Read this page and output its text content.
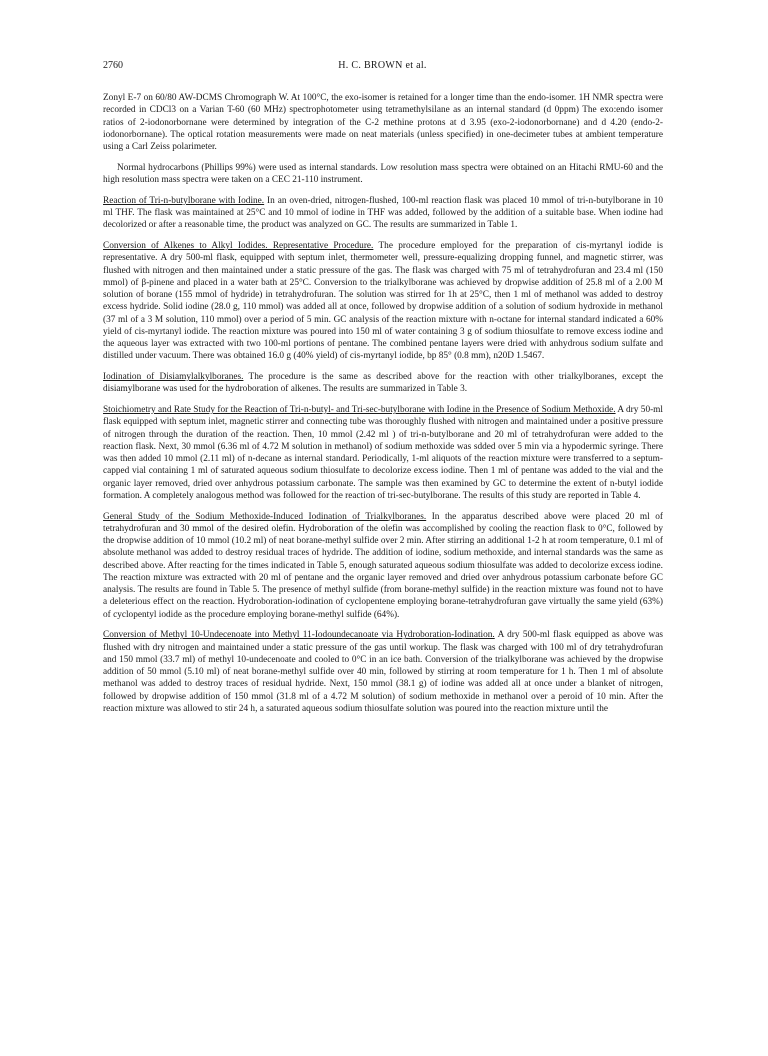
2760	H. C. BROWN et al.

Zonyl E-7 on 60/80 AW-DCMS Chromograph W. At 100°C, the exo-isomer is retained for a longer time than the endo-isomer. 1H NMR spectra were recorded in CDCl3 on a Varian T-60 (60 MHz) spectrophotometer using tetramethylsilane as an internal standard (d 0ppm) The exo:endo isomer ratios of 2-iodonorbornane were determined by integration of the C-2 methine protons at d 3.95 (exo-2-iodonorbornane) and d 4.20 (endo-2-iodonorbornane). The optical rotation measurements were made on neat materials (unless specified) in one-decimeter tubes at ambient temperature using a Carl Zeiss polarimeter.

Normal hydrocarbons (Phillips 99%) were used as internal standards. Low resolution mass spectra were obtained on an Hitachi RMU-60 and the high resolution mass spectra were taken on a CEC 21-110 instrument.

Reaction of Tri-n-butylborane with Iodine. In an oven-dried, nitrogen-flushed, 100-ml reaction flask was placed 10 mmol of tri-n-butylborane in 10 ml THF. The flask was maintained at 25°C and 10 mmol of iodine in THF was added, followed by the addition of a suitable base. When iodine had decolorized or after a reasonable time, the product was analyzed on GC. The results are summarized in Table 1.

Conversion of Alkenes to Alkyl Iodides. Representative Procedure. The procedure employed for the preparation of cis-myrtanyl iodide is representative. A dry 500-ml flask, equipped with septum inlet, thermometer well, pressure-equalizing dropping funnel, and magnetic stirrer, was flushed with nitrogen and then maintained under a static pressure of the gas. The flask was charged with 75 ml of tetrahydrofuran and 23.4 ml (150 mmol) of β-pinene and placed in a water bath at 25°C. Conversion to the trialkylborane was achieved by dropwise addition of 25.8 ml of a 2.00 M solution of borane (155 mmol of hydride) in tetrahydrofuran. The solution was stirred for 1h at 25°C, then 1 ml of methanol was added to destroy excess hydride. Solid iodine (28.0 g, 110 mmol) was added all at once, followed by dropwise addition of a solution of sodium hydroxide in methanol (37 ml of a 3 M solution, 110 mmol) over a period of 5 min. GC analysis of the reaction mixture with n-octane for internal standard indicated a 60% yield of cis-myrtanyl iodide. The reaction mixture was poured into 150 ml of water containing 3 g of sodium thiosulfate to remove excess iodine and the aqueous layer was extracted with two 100-ml portions of pentane. The combined pentane layers were dried with anhydrous sodium sulfate and distilled under vacuum. There was obtained 16.0 g (40% yield) of cis-myrtanyl iodide, bp 85° (0.8 mm), n20D 1.5467.

Iodination of Disiamylalkylboranes. The procedure is the same as described above for the reaction with other trialkylboranes, except the disiamylborane was used for the hydroboration of alkenes. The results are summarized in Table 3.

Stoichiometry and Rate Study for the Reaction of Tri-n-butyl- and Tri-sec-butylborane with Iodine in the Presence of Sodium Methoxide. A dry 50-ml flask equipped with septum inlet, magnetic stirrer and connecting tube was thoroughly flushed with nitrogen and maintained under a positive pressure of nitrogen through the duration of the reaction. Then, 10 mmol (2.42 ml ) of tri-n-butylborane and 20 ml of tetrahydrofuran were added to the reaction flask. Next, 30 mmol (6.36 ml of 4.72 M solution in methanol) of sodium methoxide was sdded over 5 min via a hypodermic syringe. There was then added 10 mmol (2.11 ml) of n-decane as internal standard. Periodically, 1-ml aliquots of the reaction mixture were transferred to a septum-capped vial containing 1 ml of saturated aqueous sodium thiosulfate to decolorize excess iodine. Then 1 ml of pentane was added to the vial and the organic layer removed, dried over anhydrous potassium carbonate. The sample was then examined by GC to determine the extent of n-butyl iodide formation. A completely analogous method was followed for the reaction of tri-sec-butylborane. The results of this study are reported in Table 4.

General Study of the Sodium Methoxide-Induced Iodination of Trialkylboranes. In the apparatus described above were placed 20 ml of tetrahydrofuran and 30 mmol of the desired olefin. Hydroboration of the olefin was accomplished by cooling the reaction flask to 0°C, followed by the dropwise addition of 10 mmol (10.2 ml) of neat borane-methyl sulfide over 2 min. After stirring an additional 1-2 h at room temperature, 0.1 ml of absolute methanol was added to destroy residual traces of hydride. The addition of iodine, sodium methoxide, and internal standards was the same as described above. After reacting for the times indicated in Table 5, enough saturated aqueous sodium thiosulfate was added to decolorize excess iodine. The reaction mixture was extracted with 20 ml of pentane and the organic layer removed and dried over anhydrous potassium carbonate before GC analysis. The results are found in Table 5. The presence of methyl sulfide (from borane-methyl sulfide) in the reaction mixture was found not to have a deleterious effect on the reaction. Hydroboration-iodination of cyclopentene employing borane-tetrahydrofuran gave virtually the same yield (63%) of cyclopentyl iodide as the procedure employing borane-methyl sulfide (64%).

Conversion of Methyl 10-Undecenoate into Methyl 11-Iodoundecanoate via Hydroboration-Iodination. A dry 500-ml flask equipped as above was flushed with dry nitrogen and maintained under a static pressure of the gas until workup. The flask was charged with 100 ml of dry tetrahydrofuran and 150 mmol (33.7 ml) of methyl 10-undecenoate and cooled to 0°C in an ice bath. Conversion of the trialkylborane was achieved by the dropwise addition of 50 mmol (5.10 ml) of neat borane-methyl sulfide over 40 min, followed by stirring at room temperature for 1 h. Then 1 ml of absolute methanol was added to destroy traces of residual hydride. Next, 150 mmol (38.1 g) of iodine was added all at once under a blanket of nitrogen, followed by dropwise addition of 150 mmol (31.8 ml of a 4.72 M solution) of sodium methoxide in methanol over a peroid of 10 min. After the reaction mixture was allowed to stir 24 h, a saturated aqueous sodium thiosulfate solution was poured into the reaction mixture until the
